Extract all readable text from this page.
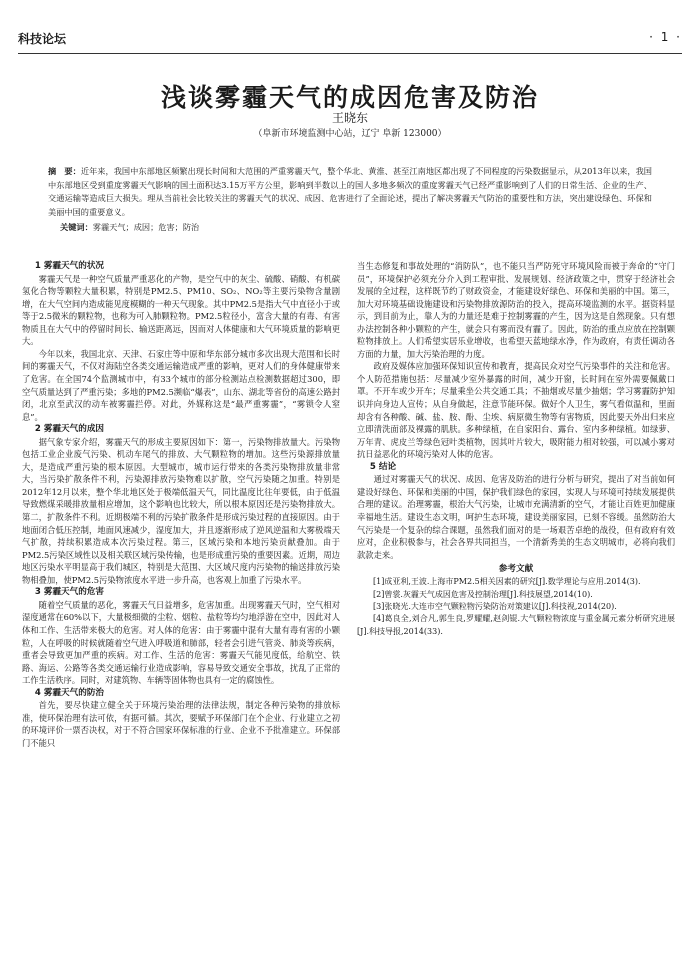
科技论坛	· 1 ·
浅谈雾霾天气的成因危害及防治
王晓东
（阜新市环境监测中心站，辽宁 阜新 123000）
摘　要：近年来，我国中东部地区频繁出现长时间和大范围的严重雾霾天气，整个华北、黄淮、甚至江南地区都出现了不同程度的污染数据显示，从2013年以来，我国中东部地区受到重度雾霾天气影响的国土面积达3.15万平方公里，影响到半数以上的国人多地多频次的重度雾霾天气已经严重影响到了人们的日常生活、企业的生产、交通运输等造成巨大损失。理从当前社会比较关注的雾霾天气的状况、成因、危害进行了全面论述，提出了解决雾霾天气防治的重要性和方法，突出建设绿色、环保和美丽中国的重要意义。
关键词：雾霾天气；成因；危害；防治
1 雾霾天气的状况

雾霾天气是一种空气质量严重恶化的产物，是空气中的灰尘、硫酸、硝酸、有机碳氢化合物等颗粒大量积累，特别是PM2.5、PM10、SO₂、NO₂等主要污染物含量剧增，在大气空间内造成能见度模糊的一种天气现象。其中PM2.5是指大气中直径小于或等于2.5微米的颗粒物，也称为可入肺颗粒物。PM2.5粒径小，富含大量的有毒、有害物质且在大气中的停留时间长、输送距离远，因而对人体健康和大气环境质量的影响更大。

今年以来，我国北京、天津、石家庄等中原和华东部分城市多次出现大范围和长时间的雾霾天气，不仅对海陆空各类交通运输造成严重的影响，更对人们的身体健康带来了危害。在全国74个监测城市中，有33个城市的部分检测站点检测数据超过300，即空气质量达到了严重污染；多地的PM2.5濒临“爆表”，山东、湖北等省份的高速公路封闭，北京至武汉的动车被雾霾拦停。对此，外媒称这是“最严重雾霾”，“雾锁令人窒息”。

2 雾霾天气的成因

据气象专家介绍，雾霾天气的形成主要原因如下：第一，污染物排放量大。污染物包括工业企业废气污染、机动车尾气的排放、大气颗粒物的增加。这些污染源排放量大，是造成严重污染的根本原因。大型城市，城市运行带来的各类污染物排放量非常大，当污染扩散条件不利，污染源排放污染物难以扩散，空气污染随之加重。特别是2012年12月以来，整个华北地区处于极端低温天气，同比温度比往年要低，由于低温导致燃煤采暖排放量相应增加，这个影响也比较大，所以根本原因还是污染物排放大。第二，扩散条件不利。近期极端不利的污染扩散条件是形成污染过程的直接原因。由于地面闭合低压控制，地面风速减少，湿度加大，并且逐渐形成了逆风逆温和大雾极端天气扩散，持续积累造成本次污染过程。第三，区域污染和本地污染贡献叠加。由于PM2.5污染区域性以及相关联区域污染传输，也是形成重污染的重要因素。近期，周边地区污染水平明显高于我们城区，特别是大范围、大区域尺度内污染物的输送排放污染物相叠加，使PM2.5污染物浓度水平进一步升高，也客观上加重了污染水平。

3 雾霾天气的危害

随着空气质量的恶化，雾霾天气日益增多，危害加重。出现雾霾天气时，空气相对湿度通常在60%以下，大量极细微的尘粒、烟粒、盐粒等均匀地浮游在空中，因此对人体和工作、生活带来极大的危害。对人体的危害：由于雾霾中混有大量有毒有害的小颗粒，人在呼吸的时候就随着空气进入呼吸道和肺部，轻者会引进气管炎、肺炎等疾病，重者会导致更加严重的疾病。对工作、生活的危害：雾霾天气能见度低，给航空、铁路、海运、公路等各类交通运输行业造成影响，容易导致交通安全事故，扰乱了正常的工作生活秩序。同时，对建筑物、车辆等固体物也具有一定的腐蚀性。

4 雾霾天气的防治

首先，要尽快建立健全关于环境污染治理的法律法规，制定各种污染物的排放标准，使环保治理有法可依，有据可循。其次，要赋予环保部门在个企业、行业建立之初的环境评价一票否决权，对于不符合国家环保标准的行业、企业不予批准建立。环保部门不能只

当生态修复和事故处理的“消防队”，也不能只当严防死守环境风险而被于奔命的“守门员”，环境保护必须充分介入到工程审批、发展规划、经济政策之中，贯穿于经济社会发展的全过程，这样既节约了财政资金，才能建设好绿色、环保和美丽的中国。第三，加大对环境基础设施建设和污染物排放源防治的投入，提高环境监测的水平。据资料显示，到目前为止，靠人为的力量还是难于控制雾霾的产生，因为这是自然现象。只有想办法控制各种小颗粒的产生，就会只有雾而没有霾了。因此，防治的重点应放在控制颗粒物排放上。人们希望实居乐业增收，也希望天蓝地绿水净，作为政府，有责任调动各方面的力量，加大污染治理的力度。

政府及媒体应加强环保知识宣传和教育，提高民众对空气污染事件的关注和危害。个人防范措施包括：尽量减少室外暴露的时间，减少开窗，长时间在室外需要佩戴口罩。不开车或少开车；尽量乘坐公共交通工具；不抽烟或尽量少抽烟；学习雾霾防护知识并向身边人宣传；从自身做起，注意节能环保。做好个人卫生，雾气看似温和，里面却含有各种酸、碱、盐、胺、酚、尘埃、病原微生物等有害物质，因此要天外出归来应立即清洗面部及裸露的肌肤。多种绿植，在自家阳台、露台、室内多种绿植。如绿萝、万年青、虎皮兰等绿色冠叶类植物，因其叶片较大，吸附能力相对较强，可以减小雾对抗日益恶化的环境污染对人体的危害。

5 结论

通过对雾霾天气的状况、成因、危害及防治的进行分析与研究，提出了对当前如何建设好绿色、环保和美丽的中国，保护我们绿色的家园，实现人与环境可持续发展提供合理的建议。治理雾霾，根治大气污染，让城市充满清新的空气，才能让百姓更加健康幸福地生活。建设生态文明，呵护生态环境，建设美丽家园，已刻不容缓。虽然防治大气污染是一个复杂的综合课题，虽然我们面对的是一场艰苦卓绝的战役，但有政府有效应对，企业积极参与，社会各界共同担当，一个清新秀美的生态文明城市，必将向我们款款走来。

参考文献

[1]成亚利,王波.上海市PM2.5相关因素的研究[J].数学理论与应用.2014(3).

[2]曾裳.灰霾天气成因危害及控制治理[J].科技展望,2014(10).

[3]张晓光.大连市空气颗粒物污染防治对策建议[J].科技视,2014(20).

[4]葛良全,刘合凡,郭生良,罗耀耀,赵剑锟.大气颗粒物浓度与重金属元素分析研究进展[J].科技导报,2014(33).
